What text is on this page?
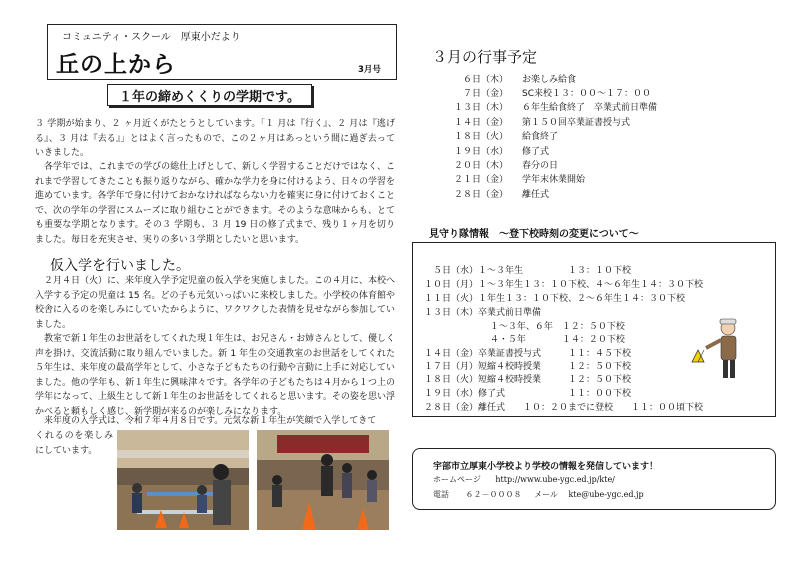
コミュニティ・スクール　厚東小だより
丘の上から	3月号
１年の締めくくりの学期です。
３ 学期が始まり、２ ヶ月近くがたとうとしています。「１ 月は『行く』、２ 月は『逃げる』、３ 月は『去る』」とはよく言ったもので、この２ヶ月はあっという間に過ぎ去っていきました。
各学年では、これまでの学びの総仕上げとして、新しく学習することだけではなく、これまで学習してきたことも振り返りながら、確かな学力を身に付けるよう、日々の学習を進めています。各学年で身に付けておかなければならない力を確実に身に付けておくことで、次の学年の学習にスムーズに取り組むことができます。そのような意味からも、とても重要な学期となります。その３ 学期も、３ 月 19 日の修了式まで、残り１ヶ月を切りました。毎日を充実させ、実りの多い３学期としたいと思います。
仮入学を行いました。
２月４日（火）に、来年度入学予定児童の仮入学を実施しました。この４月に、本校へ入学する予定の児童は 15 名。どの子も元気いっぱいに来校しました。小学校の体育館や校舎に入るのを楽しみにしていたからように、ワクワクした表情を見せながら参加していました。
教室で新１年生のお世話をしてくれた現１年生は、お兄さん・お姉さんとして、優しく声を掛け、交流活動に取り組んでいました。新 1 年生の交通教室のお世話をしてくれた５年生は、来年度の最高学年として、小さな子どもたちの行動や言動に上手に対応していました。他の学年も、新１年生に興味津々です。各学年の子どもたちは４月から１つ上の学年になって、上級生として新１年生のお世話をしてくれると思います。その姿を思い浮かべると頼もしく感じ、新学期が来るのが楽しみになります。
来年度の入学式は、令和７年４月８日です。元気な新１年生が笑顔で入学してきて
くれるのを楽しみにしています。
３月の行事予定
６日（木） お楽しみ給食
７日（金） SC来校１３：００～１７：００
１３日（木） ６年生給食終了　卒業式前日準備
１４日（金） 第１５０回卒業証書授与式
１８日（火） 給食終了
１９日（水） 修了式
２０日（木） 春分の日
２１日（金） 学年末休業開始
２８日（金） 離任式
見守り隊情報　～登下校時刻の変更について～
５日（水）１～３年生　　　　　１３：１０下校
１０日（月）１～３年生１３：１０下校、４～６年生１４：３０下校
１１日（火）１年生１３：１０下校、２～６年生１４：３０下校
１３日（木）卒業式前日準備
　 １～３年、６年　１２：５０下校
　 ４・５年　　　　１４：２０下校
１４日（金）卒業証書授与式　　　１１：４５下校
１７日（月）短縮４校時授業　　　１２：５０下校
１８日（火）短縮４校時授業　　　１２：５０下校
１９日（水）修了式　　　　　　　１１：００下校
２８日（金）離任式　　１０：２０までに登校　　１１：００頃下校
宇部市立厚東小学校より学校の情報を発信しています！
ホームページ http://www.ube-ygc.ed.jp/kte/
電話 ６２－０００８ メール kte@ube-ygc.ed.jp
